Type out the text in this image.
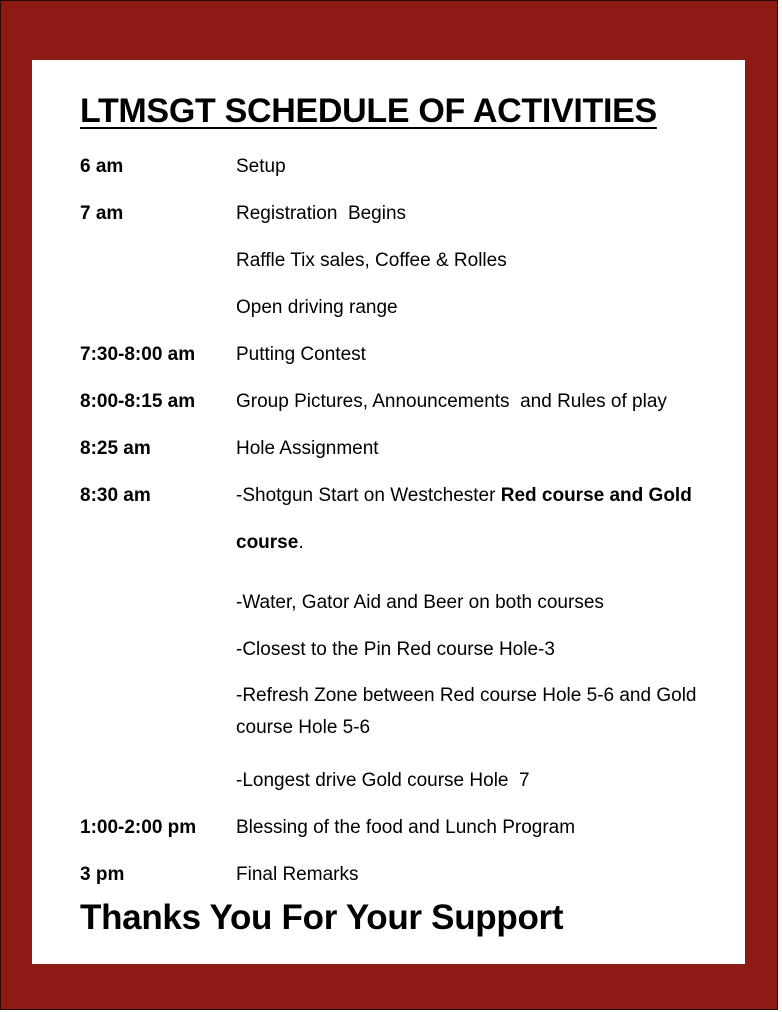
LTMSGT SCHEDULE OF ACTIVITIES
6 am	Setup
7 am	Registration  Begins
Raffle Tix sales, Coffee & Rolles
Open driving range
7:30-8:00 am	Putting Contest
8:00-8:15 am	Group Pictures, Announcements  and Rules of play
8:25 am	Hole Assignment
8:30 am	-Shotgun Start on Westchester Red course and Gold course.
-Water, Gator Aid and Beer on both courses
-Closest to the Pin Red course Hole-3
-Refresh Zone between Red course Hole 5-6 and Gold course Hole 5-6
-Longest drive Gold course Hole  7
1:00-2:00 pm	Blessing of the food and Lunch Program
3 pm	Final Remarks
Thanks You For Your Support
